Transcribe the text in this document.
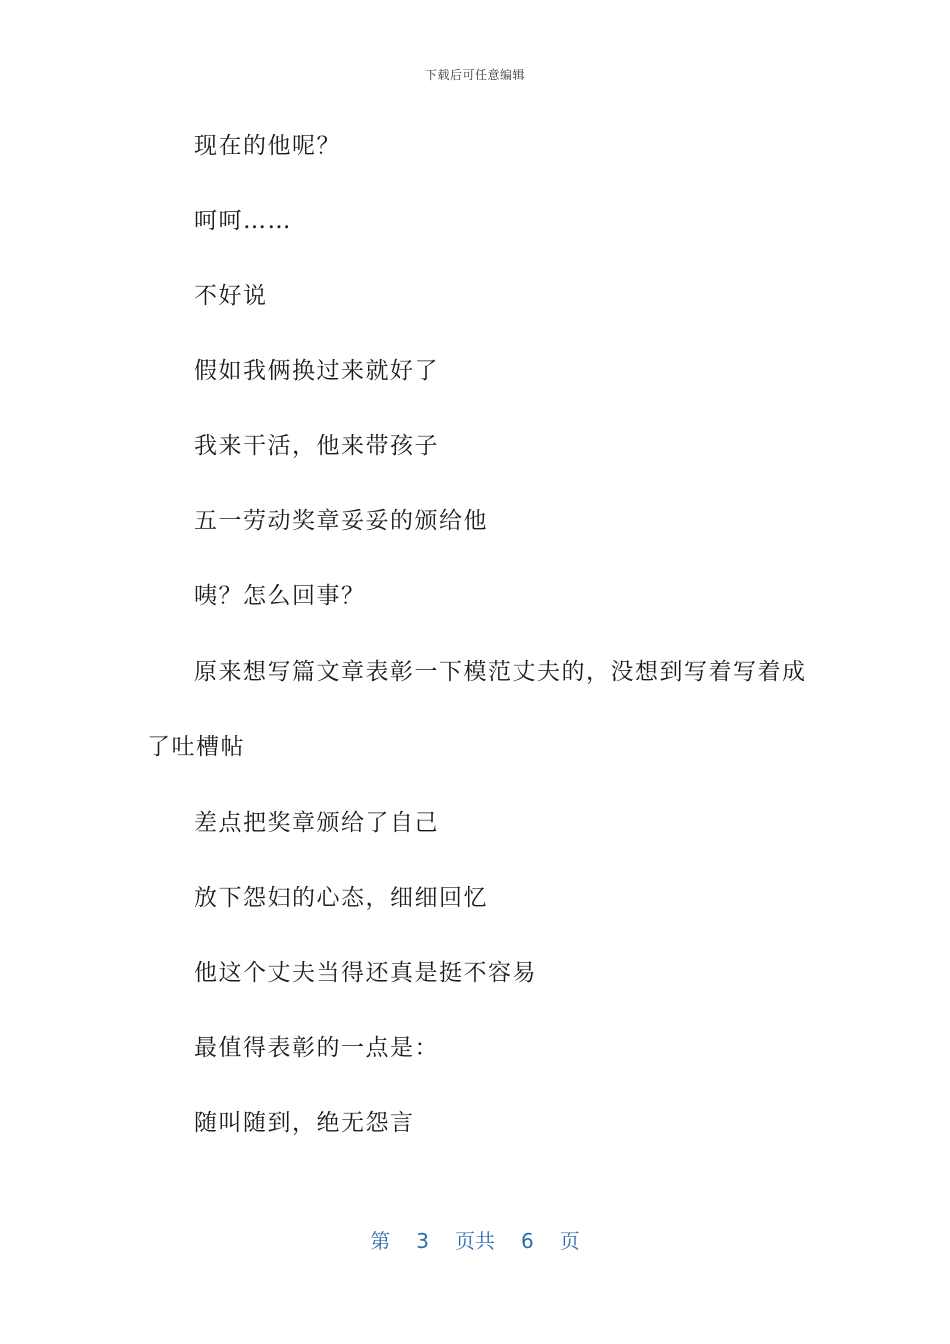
下载后可任意编辑

现在的他呢？

呵呵……

不好说

假如我俩换过来就好了

我来干活，他来带孩子

五一劳动奖章妥妥的颁给他

咦？怎么回事？

原来想写篇文章表彰一下模范丈夫的，没想到写着写着成了吐槽帖

差点把奖章颁给了自己

放下怨妇的心态，细细回忆

他这个丈夫当得还真是挺不容易

最值得表彰的一点是：

随叫随到，绝无怨言

第 3 页共 6 页
